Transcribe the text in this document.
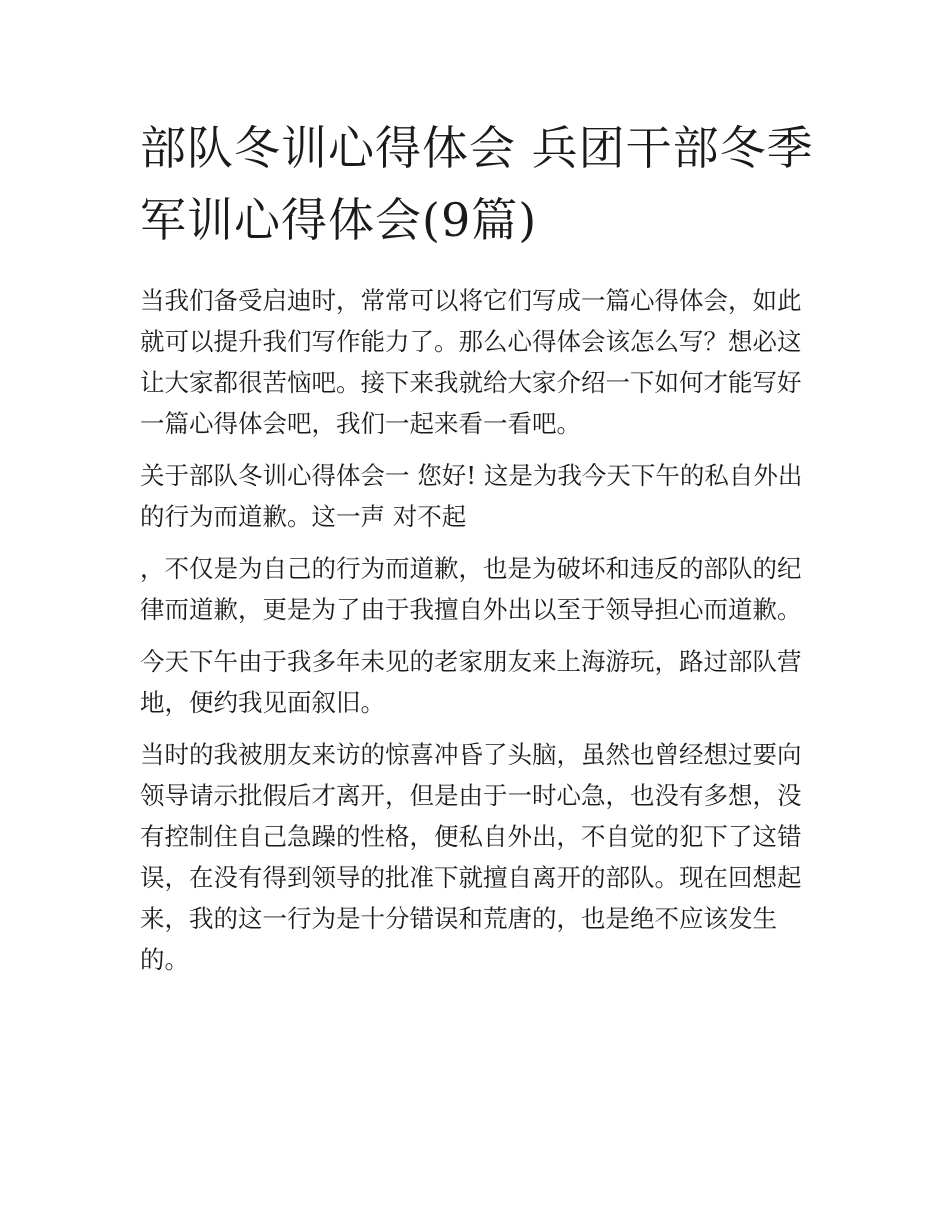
部队冬训心得体会 兵团干部冬季军训心得体会(9篇)

当我们备受启迪时，常常可以将它们写成一篇心得体会，如此就可以提升我们写作能力了。那么心得体会该怎么写？想必这让大家都很苦恼吧。接下来我就给大家介绍一下如何才能写好一篇心得体会吧，我们一起来看一看吧。

关于部队冬训心得体会一 您好! 这是为我今天下午的私自外出的行为而道歉。这一声 对不起

，不仅是为自己的行为而道歉，也是为破坏和违反的部队的纪律而道歉，更是为了由于我擅自外出以至于领导担心而道歉。

今天下午由于我多年未见的老家朋友来上海游玩，路过部队营地，便约我见面叙旧。

当时的我被朋友来访的惊喜冲昏了头脑，虽然也曾经想过要向领导请示批假后才离开，但是由于一时心急，也没有多想，没有控制住自己急躁的性格，便私自外出，不自觉的犯下了这错误，在没有得到领导的批准下就擅自离开的部队。现在回想起来，我的这一行为是十分错误和荒唐的，也是绝不应该发生的。
